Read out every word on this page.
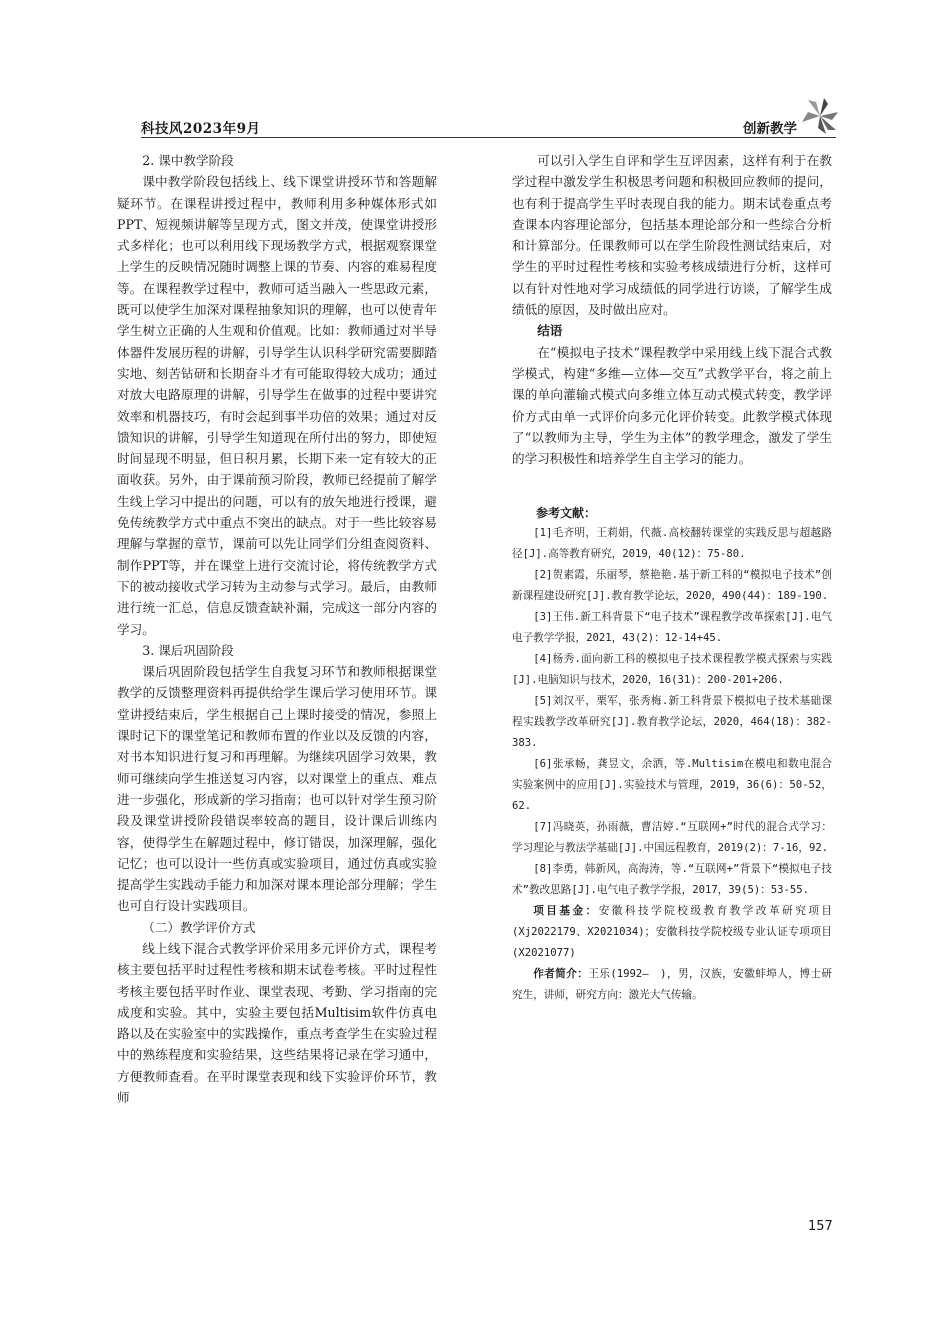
科技风2023年9月	创新教学

2. 课中教学阶段

课中教学阶段包括线上、线下课堂讲授环节和答题解疑环节。在课程讲授过程中，教师利用多种媒体形式如PPT、短视频讲解等呈现方式，图文并茂，使课堂讲授形式多样化；也可以利用线下现场教学方式，根据观察课堂上学生的反映情况随时调整上课的节奏、内容的难易程度等。在课程教学过程中，教师可适当融入一些思政元素，既可以使学生加深对课程抽象知识的理解，也可以使青年学生树立正确的人生观和价值观。比如：教师通过对半导体器件发展历程的讲解，引导学生认识科学研究需要脚踏实地、刻苦钻研和长期奋斗才有可能取得较大成功；通过对放大电路原理的讲解，引导学生在做事的过程中要讲究效率和机器技巧，有时会起到事半功倍的效果；通过对反馈知识的讲解，引导学生知道现在所付出的努力，即使短时间显现不明显，但日积月累，长期下来一定有较大的正面收获。另外，由于课前预习阶段，教师已经提前了解学生线上学习中提出的问题，可以有的放矢地进行授课，避免传统教学方式中重点不突出的缺点。对于一些比较容易理解与掌握的章节，课前可以先让同学们分组查阅资料、制作PPT等，并在课堂上进行交流讨论，将传统教学方式下的被动接收式学习转为主动参与式学习。最后，由教师进行统一汇总，信息反馈查缺补漏，完成这一部分内容的学习。

3. 课后巩固阶段

课后巩固阶段包括学生自我复习环节和教师根据课堂教学的反馈整理资料再提供给学生课后学习使用环节。课堂讲授结束后，学生根据自己上课时接受的情况，参照上课时记下的课堂笔记和教师布置的作业以及反馈的内容，对书本知识进行复习和再理解。为继续巩固学习效果，教师可继续向学生推送复习内容，以对课堂上的重点、难点进一步强化，形成新的学习指南；也可以针对学生预习阶段及课堂讲授阶段错误率较高的题目，设计课后训练内容，使得学生在解题过程中，修订错误，加深理解，强化记忆；也可以设计一些仿真或实验项目，通过仿真或实验提高学生实践动手能力和加深对课本理论部分理解；学生也可自行设计实践项目。

（二）教学评价方式

线上线下混合式教学评价采用多元评价方式，课程考核主要包括平时过程性考核和期末试卷考核。平时过程性考核主要包括平时作业、课堂表现、考勤、学习指南的完成度和实验。其中，实验主要包括Multisim软件仿真电路以及在实验室中的实践操作，重点考查学生在实验过程中的熟练程度和实验结果，这些结果将记录在学习通中，方便教师查看。在平时课堂表现和线下实验评价环节，教师

可以引入学生自评和学生互评因素，这样有利于在教学过程中激发学生积极思考问题和积极回应教师的提问，也有利于提高学生平时表现自我的能力。期末试卷重点考查课本内容理论部分，包括基本理论部分和一些综合分析和计算部分。任课教师可以在学生阶段性测试结束后，对学生的平时过程性考核和实验考核成绩进行分析，这样可以有针对性地对学习成绩低的同学进行访谈，了解学生成绩低的原因，及时做出应对。

结语

在“模拟电子技术”课程教学中采用线上线下混合式教学模式，构建“多维—立体—交互”式教学平台，将之前上课的单向灌输式模式向多维立体互动式模式转变，教学评价方式由单一式评价向多元化评价转变。此教学模式体现了“以教师为主导，学生为主体”的教学理念，激发了学生的学习积极性和培养学生自主学习的能力。

参考文献：

[1]毛齐明，王莉娟，代薇.高校翻转课堂的实践反思与超越路径[J].高等教育研究，2019，40(12)：75-80.

[2]贺素霞，乐丽琴，蔡艳艳.基于新工科的“模拟电子技术”创新课程建设研究[J].教育教学论坛，2020，490(44)：189-190.

[3]王伟.新工科背景下“电子技术”课程教学改革探索[J].电气电子教学学报，2021，43(2)：12-14+45.

[4]杨秀.面向新工科的模拟电子技术课程教学模式探索与实践[J].电脑知识与技术，2020，16(31)：200-201+206.

[5]刘汉平，栗军，张秀梅.新工科背景下模拟电子技术基础课程实践教学改革研究[J].教育教学论坛，2020，464(18)：382-383.

[6]张承畅，龚昱文，余洒，等.Multisim在模电和数电混合实验案例中的应用[J].实验技术与管理，2019，36(6)：50-52，62.

[7]冯晓英，孙雨薇，曹洁婷.“互联网+”时代的混合式学习：学习理论与教法学基础[J].中国远程教育，2019(2)：7-16，92.

[8]李勇，韩新风，高海涛，等.“互联网+”背景下“模拟电子技术”教改思路[J].电气电子教学学报，2017，39(5)：53-55.

项目基金：安徽科技学院校级教育教学改革研究项目(Xj2022179、X2021034)；安徽科技学院校级专业认证专项项目(X2021077)

作者简介：王乐(1992—　)，男，汉族，安徽蚌埠人，博士研究生，讲师，研究方向：激光大气传输。

157
